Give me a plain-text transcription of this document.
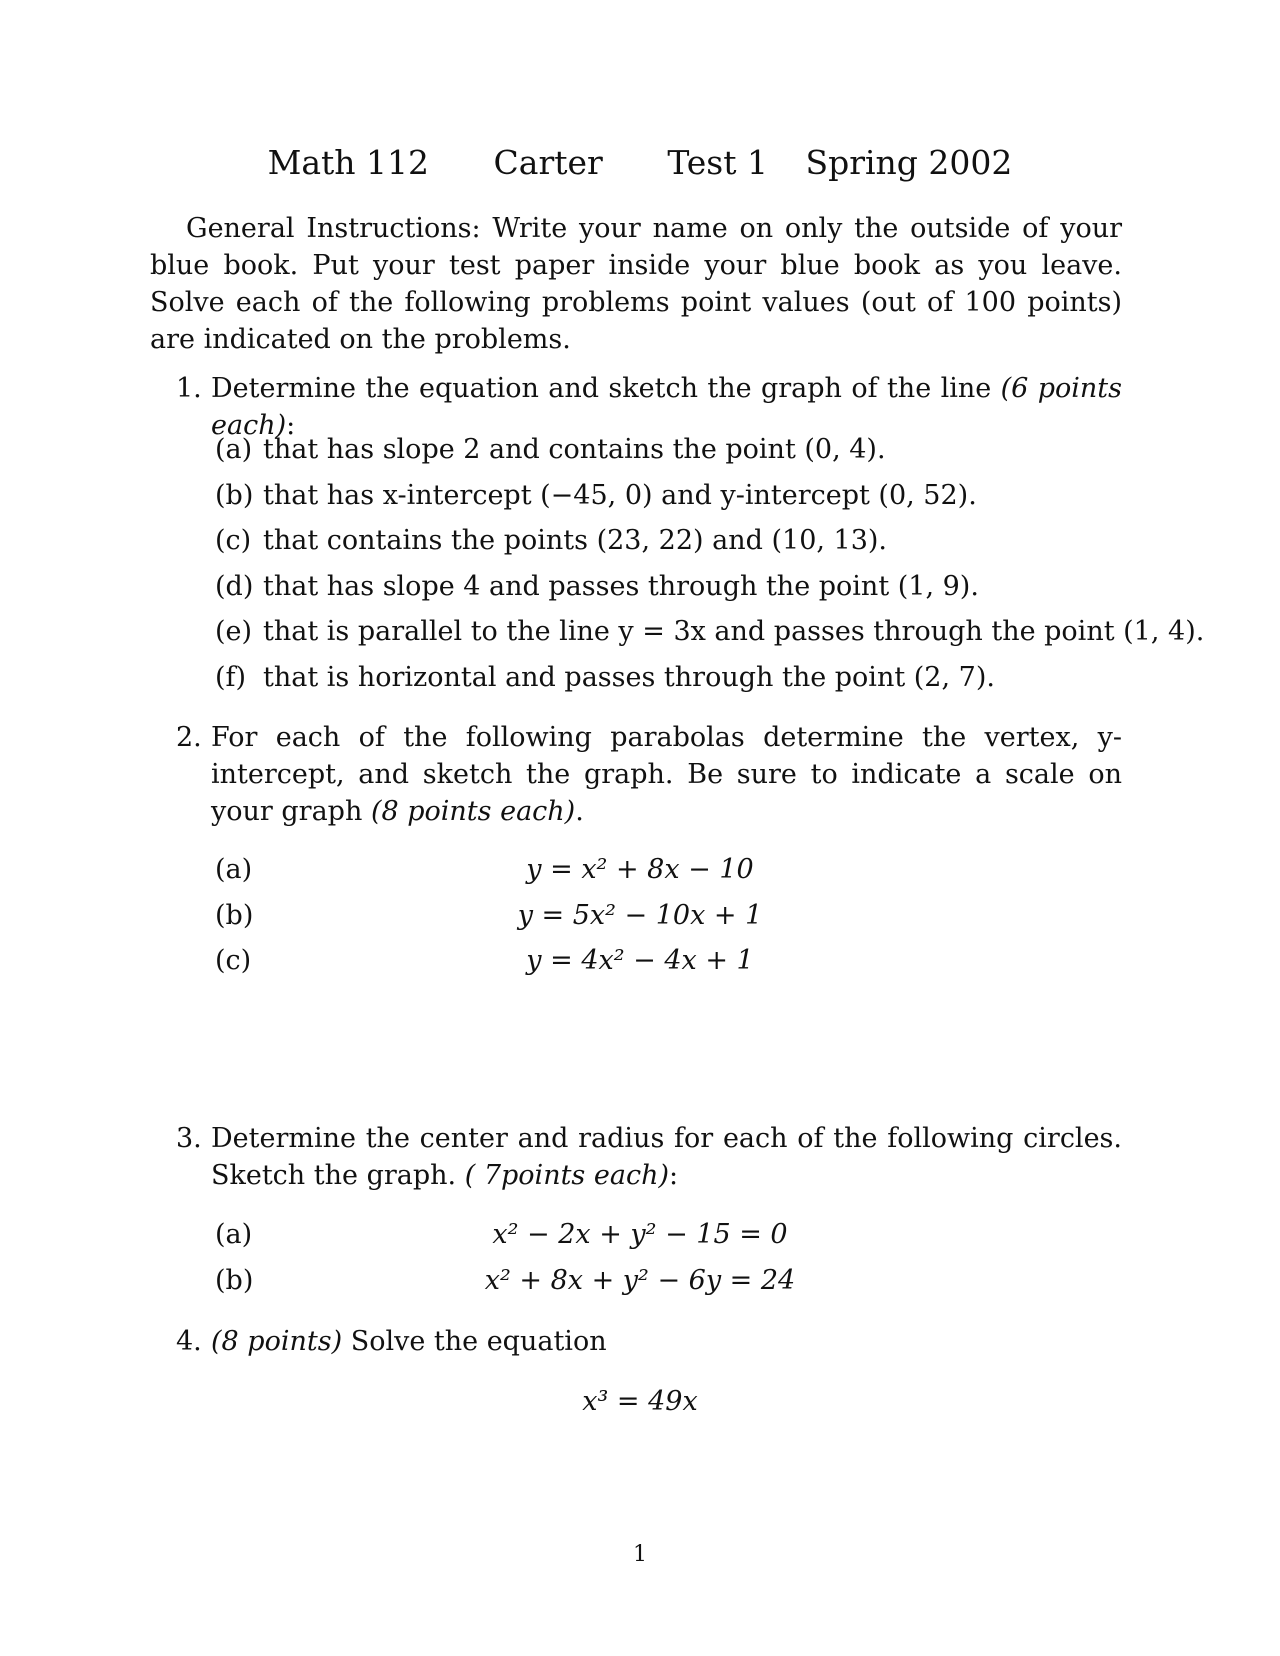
Math 112 Carter Test 1 Spring 2002
General Instructions: Write your name on only the outside of your blue book. Put your test paper inside your blue book as you leave. Solve each of the following problems point values (out of 100 points) are indicated on the problems.
1. Determine the equation and sketch the graph of the line (6 points each):
(a) that has slope 2 and contains the point (0, 4).
(b) that has x-intercept (−45, 0) and y-intercept (0, 52).
(c) that contains the points (23, 22) and (10, 13).
(d) that has slope 4 and passes through the point (1, 9).
(e) that is parallel to the line y = 3x and passes through the point (1, 4).
(f) that is horizontal and passes through the point (2, 7).
2. For each of the following parabolas determine the vertex, y-intercept, and sketch the graph. Be sure to indicate a scale on your graph (8 points each).
(a)	y = x² + 8x − 10
(b)	y = 5x² − 10x + 1
(c)	y = 4x² − 4x + 1
3. Determine the center and radius for each of the following circles. Sketch the graph. ( 7points each):
(a)	x² − 2x + y² − 15 = 0
(b)	x² + 8x + y² − 6y = 24
4. (8 points) Solve the equation
x³ = 49x
1
